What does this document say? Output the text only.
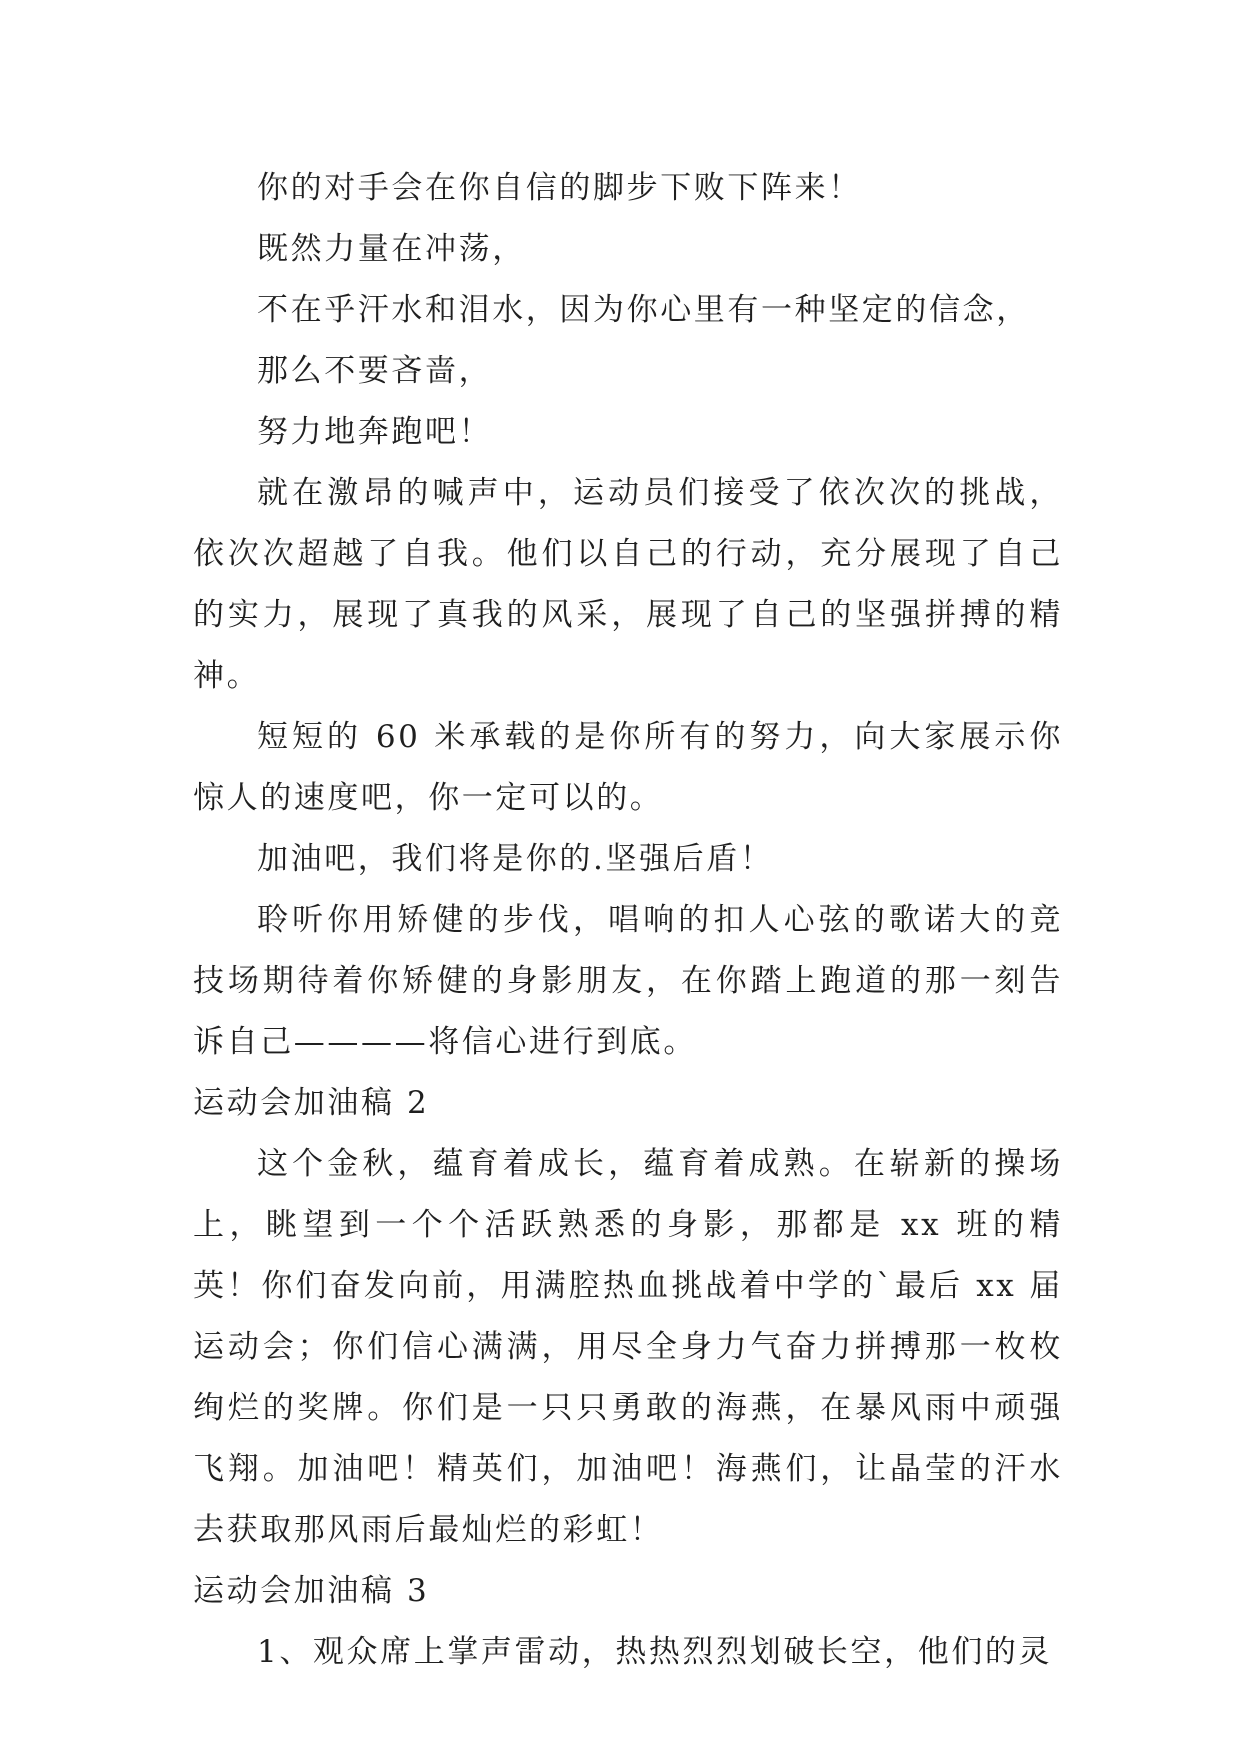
你的对手会在你自信的脚步下败下阵来！

既然力量在冲荡，

不在乎汗水和泪水，因为你心里有一种坚定的信念，

那么不要吝啬，

努力地奔跑吧！

就在激昂的喊声中，运动员们接受了依次次的挑战，依次次超越了自我。他们以自己的行动，充分展现了自己的实力，展现了真我的风采，展现了自己的坚强拼搏的精神。

短短的 60 米承载的是你所有的努力，向大家展示你惊人的速度吧，你一定可以的。

加油吧，我们将是你的.坚强后盾！

聆听你用矫健的步伐，唱响的扣人心弦的歌诺大的竞技场期待着你矫健的身影朋友，在你踏上跑道的那一刻告诉自己————将信心进行到底。

运动会加油稿 2

这个金秋，蕴育着成长，蕴育着成熟。在崭新的操场上，眺望到一个个活跃熟悉的身影，那都是 xx 班的精英！你们奋发向前，用满腔热血挑战着中学的`最后 xx 届运动会；你们信心满满，用尽全身力气奋力拼搏那一枚枚绚烂的奖牌。你们是一只只勇敢的海燕，在暴风雨中顽强飞翔。加油吧！精英们，加油吧！海燕们，让晶莹的汗水去获取那风雨后最灿烂的彩虹！

运动会加油稿 3

1、观众席上掌声雷动，热热烈烈划破长空，他们的灵
